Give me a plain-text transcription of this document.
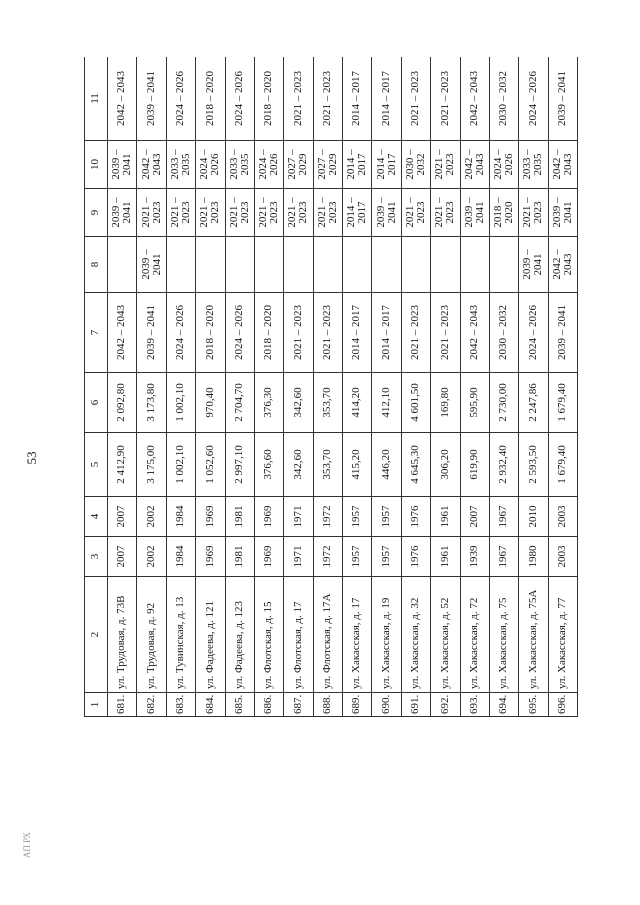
53
1	2	3	4	5	6	7	8	9	10	11
681.	ул. Трудовая, д. 73В	2007	2007	2 412,90	2 092,80	2042 – 2043		2039 – 2041	2039 – 2041	2042 – 2043
682.	ул. Трудовая, д. 92	2002	2002	3 175,00	3 173,80	2039 – 2041	2039 – 2041	2021 – 2023	2042 – 2043	2039 – 2041
683.	ул. Тувинская, д. 13	1984	1984	1 002,10	1 002,10	2024 – 2026		2021 – 2023	2033 – 2035	2024 – 2026
684.	ул. Фадеева, д. 121	1969	1969	1 052,60	970,40	2018 – 2020		2021 – 2023	2024 – 2026	2018 – 2020
685.	ул. Фадеева, д. 123	1981	1981	2 997,10	2 704,70	2024 – 2026		2021 – 2023	2033 – 2035	2024 – 2026
686.	ул. Флотская, д. 15	1969	1969	376,60	376,30	2018 – 2020		2021 – 2023	2024 – 2026	2018 – 2020
687.	ул. Флотская, д. 17	1971	1971	342,60	342,60	2021 – 2023		2021 – 2023	2027 – 2029	2021 – 2023
688.	ул. Флотская, д. 17А	1972	1972	353,70	353,70	2021 – 2023		2021 – 2023	2027 – 2029	2021 – 2023
689.	ул. Хакасская, д. 17	1957	1957	415,20	414,20	2014 – 2017		2014 – 2017	2014 – 2017	2014 – 2017
690.	ул. Хакасская, д. 19	1957	1957	446,20	412,10	2014 – 2017		2039 – 2041	2014 – 2017	2014 – 2017
691.	ул. Хакасская, д. 32	1976	1976	4 645,30	4 601,50	2021 – 2023		2021 – 2023	2030 – 2032	2021 – 2023
692.	ул. Хакасская, д. 52	1961	1961	306,20	169,80	2021 – 2023		2021 – 2023	2021 – 2023	2021 – 2023
693.	ул. Хакасская, д. 72	1939	2007	619,90	595,90	2042 – 2043		2039 – 2041	2042 – 2043	2042 – 2043
694.	ул. Хакасская, д. 75	1967	1967	2 932,40	2 730,00	2030 – 2032		2018 – 2020	2024 – 2026	2030 – 2032
695.	ул. Хакасская, д. 75А	1980	2010	2 593,50	2 247,86	2024 – 2026	2039 – 2041	2021 – 2023	2033 – 2035	2024 – 2026
696.	ул. Хакасская, д. 77	2003	2003	1 679,40	1 679,40	2039 – 2041	2042 – 2043	2039 – 2041	2042 – 2043	2039 – 2041
АП РХ
